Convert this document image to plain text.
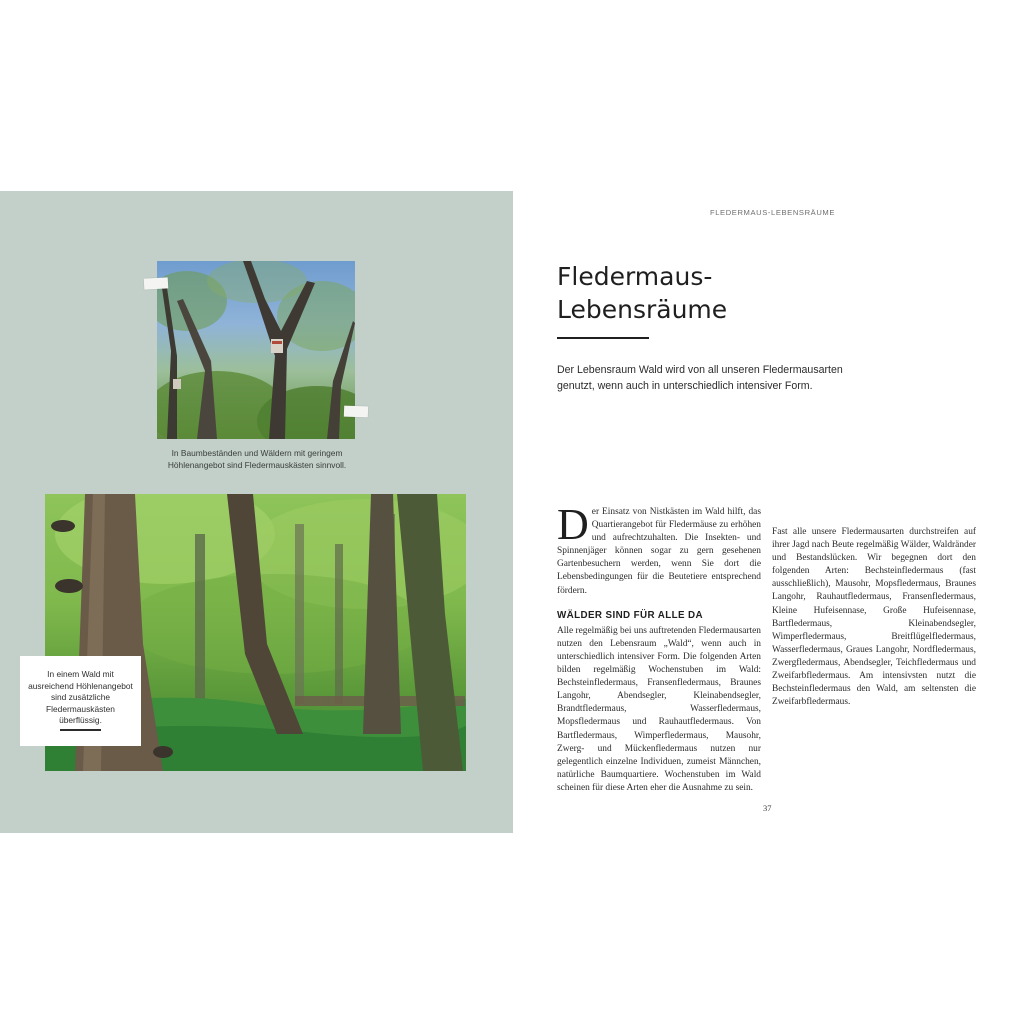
In Baumbeständen und Wäldern mit geringem Höhlenangebot sind Fledermauskästen sinnvoll.
In einem Wald mit ausreichend Höhlenangebot sind zusätzliche Fledermauskästen überflüssig.
FLEDERMAUS-LEBENSRÄUME
Fledermaus-
Lebensräume

Der Lebensraum Wald wird von all unseren Fledermausarten genutzt, wenn auch in unterschiedlich intensiver Form.

Der Einsatz von Nistkästen im Wald hilft, das Quartierangebot für Fledermäuse zu erhöhen und aufrechtzuhalten. Die Insekten- und Spinnenjäger können sogar zu gern gesehenen Gartenbesuchern werden, wenn Sie dort die Lebensbedingungen für die Beutetiere entsprechend fördern.

WÄLDER SIND FÜR ALLE DA

Alle regelmäßig bei uns auftretenden Fledermausarten nutzen den Lebensraum „Wald“, wenn auch in unterschiedlich intensiver Form. Die folgenden Arten bilden regelmäßig Wochenstuben im Wald: Bechsteinfledermaus, Fransenfledermaus, Braunes Langohr, Abendsegler, Kleinabendsegler, Brandtfledermaus, Wasserfledermaus, Mopsfledermaus und Rauhautfledermaus. Von Bartfledermaus, Wimperfledermaus, Mausohr, Zwerg- und Mückenfledermaus nutzen nur gelegentlich einzelne Individuen, zumeist Männchen, natürliche Baumquartiere. Wochenstuben im Wald scheinen für diese Arten eher die Ausnahme zu sein.

Fast alle unsere Fledermausarten durchstreifen auf ihrer Jagd nach Beute regelmäßig Wälder, Waldränder und Bestandslücken. Wir begegnen dort den folgenden Arten: Bechsteinfledermaus (fast ausschließlich), Mausohr, Mopsfledermaus, Braunes Langohr, Rauhautfledermaus, Fransenfledermaus, Kleine Hufeisennase, Große Hufeisennase, Bartfledermaus, Kleinabendsegler, Wimperfledermaus, Breitflügelfledermaus, Wasserfledermaus, Graues Langohr, Nordfledermaus, Zwergfledermaus, Abendsegler, Teichfledermaus und Zweifarbfledermaus. Am intensivsten nutzt die Bechsteinfledermaus den Wald, am seltensten die Zweifarbfledermaus.

37
